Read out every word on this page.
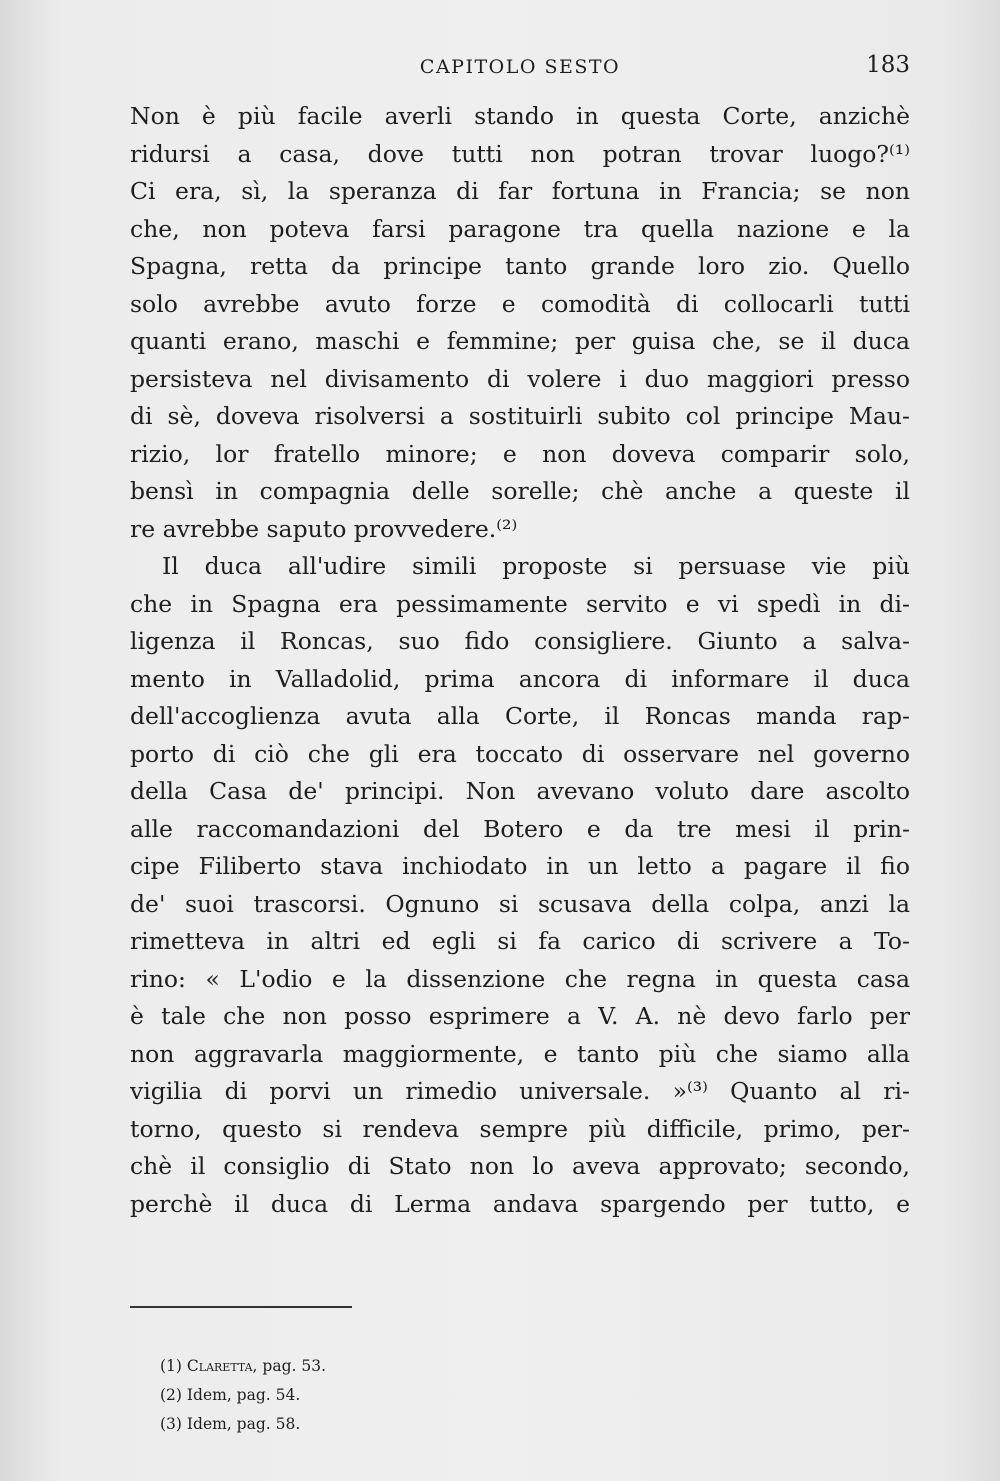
CAPITOLO SESTO	183
Non è più facile averli stando in questa Corte, anzichè
ridursi a casa, dove tutti non potran trovar luogo?⁽¹⁾
Ci era, sì, la speranza di far fortuna in Francia; se non
che, non poteva farsi paragone tra quella nazione e la
Spagna, retta da principe tanto grande loro zio. Quello
solo avrebbe avuto forze e comodità di collocarli tutti
quanti erano, maschi e femmine; per guisa che, se il duca
persisteva nel divisamento di volere i duo maggiori presso
di sè, doveva risolversi a sostituirli subito col principe Mau-
rizio, lor fratello minore; e non doveva comparir solo,
bensì in compagnia delle sorelle; chè anche a queste il
re avrebbe saputo provvedere.⁽²⁾
Il duca all'udire simili proposte si persuase vie più
che in Spagna era pessimamente servito e vi spedì in di-
ligenza il Roncas, suo fido consigliere. Giunto a salva-
mento in Valladolid, prima ancora di informare il duca
dell'accoglienza avuta alla Corte, il Roncas manda rap-
porto di ciò che gli era toccato di osservare nel governo
della Casa de' principi. Non avevano voluto dare ascolto
alle raccomandazioni del Botero e da tre mesi il prin-
cipe Filiberto stava inchiodato in un letto a pagare il fio
de' suoi trascorsi. Ognuno si scusava della colpa, anzi la
rimetteva in altri ed egli si fa carico di scrivere a To-
rino: « L'odio e la dissenzione che regna in questa casa
è tale che non posso esprimere a V. A. nè devo farlo per
non aggravarla maggiormente, e tanto più che siamo alla
vigilia di porvi un rimedio universale. »⁽³⁾ Quanto al ri-
torno, questo si rendeva sempre più difficile, primo, per-
chè il consiglio di Stato non lo aveva approvato; secondo,
perchè il duca di Lerma andava spargendo per tutto, e
(1) Claretta, pag. 53.
(2) Idem, pag. 54.
(3) Idem, pag. 58.
